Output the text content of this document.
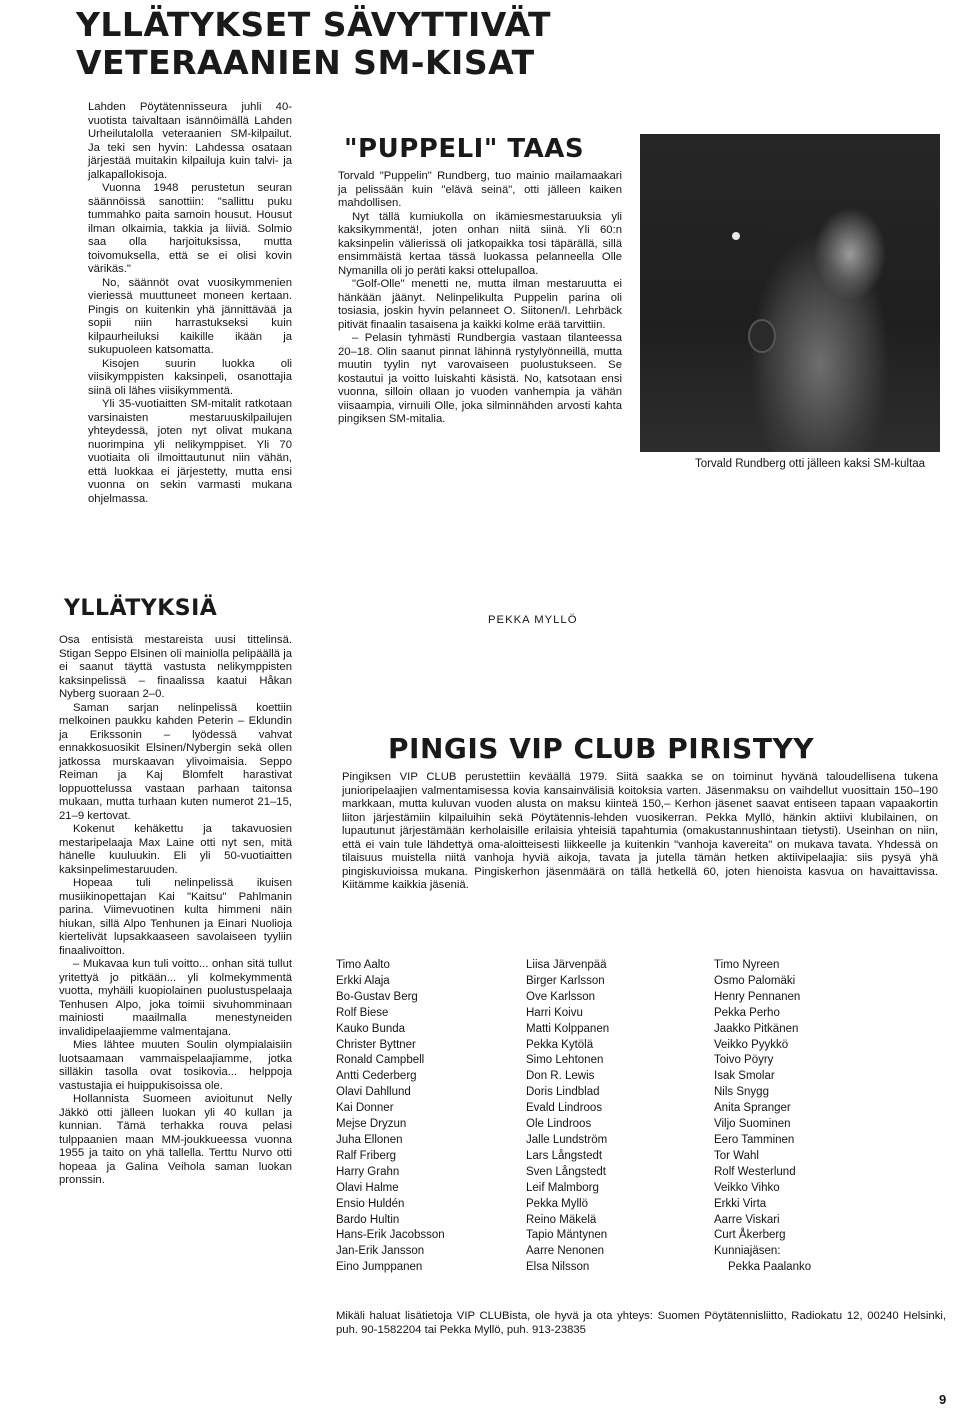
YLLÄTYKSET SÄVYTTIVÄT VETERAANIEN SM-KISAT

Lahden Pöytätennisseura juhli 40-vuotista taivaltaan isännöimällä Lahden Urheilutalolla veteraanien SM-kilpailut. Ja teki sen hyvin: Lahdessa osataan järjestää muitakin kilpailuja kuin talvi- ja jalkapallokisoja.

Vuonna 1948 perustetun seuran säännöissä sanottiin: "sallittu puku tummahko paita samoin housut. Housut ilman olkaimia, takkia ja liiviä. Solmio saa olla harjoituksissa, mutta toivomuksella, että se ei olisi kovin värikäs."

No, säännöt ovat vuosikymmenien vieriessä muuttuneet moneen kertaan. Pingis on kuitenkin yhä jännittävää ja sopii niin harrastukseksi kuin kilpaurheiluksi kaikille ikään ja sukupuoleen katsomatta.

Kisojen suurin luokka oli viisikymppisten kaksinpeli, osanottajia siinä oli lähes viisikymmentä.

Yli 35-vuotiaitten SM-mitalit ratkotaan varsinaisten mestaruuskilpailujen yhteydessä, joten nyt olivat mukana nuorimpina yli nelikymppiset. Yli 70 vuotiaita oli ilmoittautunut niin vähän, että luokkaa ei järjestetty, mutta ensi vuonna on sekin varmasti mukana ohjelmassa.

YLLÄTYKSIÄ

Osa entisistä mestareista uusi tittelinsä. Stigan Seppo Elsinen oli mainiolla pelipäällä ja ei saanut täyttä vastusta nelikymppisten kaksinpelissä – finaalissa kaatui Håkan Nyberg suoraan 2–0.

Saman sarjan nelinpelissä koettiin melkoinen paukku kahden Peterin – Eklundin ja Erikssonin – lyödessä vahvat ennakkosuosikit Elsinen/Nybergin sekä ollen jatkossa murskaavan ylivoimaisia. Seppo Reiman ja Kaj Blomfelt harastivat loppuottelussa vastaan parhaan taitonsa mukaan, mutta turhaan kuten numerot 21–15, 21–9 kertovat.

Kokenut kehäkettu ja takavuosien mestaripelaaja Max Laine otti nyt sen, mitä hänelle kuuluukin. Eli yli 50-vuotiaitten kaksinpelimestaruuden.

Hopeaa tuli nelinpelissä ikuisen musiikinopettajan Kai "Kaitsu" Pahlmanin parina. Viimevuotinen kulta himmeni näin hiukan, sillä Alpo Tenhunen ja Einari Nuolioja kiertelivät lupsakkaaseen savolaiseen tyyliin finaalivoitton.

– Mukavaa kun tuli voitto... onhan sitä tullut yritettyä jo pitkään... yli kolmekymmentä vuotta, myhäili kuopiolainen puolustuspelaaja Tenhusen Alpo, joka toimii sivuhomminaan mainiosti maailmalla menestyneiden invalidipelaajiemme valmentajana.

Mies lähtee muuten Soulin olympialaisiin luotsaamaan vammaispelaajiamme, jotka silläkin tasolla ovat tosikovia... helppoja vastustajia ei huippukisoissa ole.

Hollannista Suomeen avioitunut Nelly Jäkkö otti jälleen luokan yli 40 kullan ja kunnian. Tämä terhakka rouva pelasi tulppaanien maan MM-joukkueessa vuonna 1955 ja taito on yhä tallella. Terttu Nurvo otti hopeaa ja Galina Veihola saman luokan pronssin.

"PUPPELI" TAAS

Torvald "Puppelin" Rundberg, tuo mainio mailamaakari ja pelissään kuin "elävä seinä", otti jälleen kaiken mahdollisen.

Nyt tällä kumiukolla on ikämiesmestaruuksia yli kaksikymmentä!, joten onhan niitä siinä. Yli 60:n kaksinpelin välierissä oli jatkopaikka tosi täpärällä, sillä ensimmäistä kertaa tässä luokassa pelanneella Olle Nymanilla oli jo peräti kaksi ottelupalloa.

"Golf-Olle" menetti ne, mutta ilman mestaruutta ei hänkään jäänyt. Nelinpelikulta Puppelin parina oli tosiasia, joskin hyvin pelanneet O. Siitonen/I. Lehrbäck pitivät finaalin tasaisena ja kaikki kolme erää tarvittiin.

– Pelasin tyhmästi Rundbergia vastaan tilanteessa 20–18. Olin saanut pinnat lähinnä rystylyönneillä, mutta muutin tyylin nyt varovaiseen puolustukseen. Se kostautui ja voitto luiskahti käsistä. No, katsotaan ensi vuonna, silloin ollaan jo vuoden vanhempia ja vähän viisaampia, virnuili Olle, joka silminnähden arvosti kahta pingiksen SM-mitalia.

Torvald Rundberg otti jälleen kaksi SM-kultaa
PEKKA MYLLÖ
PINGIS VIP CLUB PIRISTYY

Pingiksen VIP CLUB perustettiin keväällä 1979. Siitä saakka se on toiminut hyvänä taloudellisena tukena junioripelaajien valmentamisessa kovia kansainvälisiä koitoksia varten. Jäsenmaksu on vaihdellut vuosittain 150–190 markkaan, mutta kuluvan vuoden alusta on maksu kiinteä 150,– Kerhon jäsenet saavat entiseen tapaan vapaakortin liiton järjestämiin kilpailuihin sekä Pöytätennis-lehden vuosikerran. Pekka Myllö, hänkin aktiivi klubilainen, on lupautunut järjestämään kerholaisille erilaisia yhteisiä tapahtumia (omakustannushintaan tietysti). Useinhan on niin, että ei vain tule lähdettyä oma-aloitteisesti liikkeelle ja kuitenkin "vanhoja kavereita" on mukava tavata. Yhdessä on tilaisuus muistella niitä vanhoja hyviä aikoja, tavata ja jutella tämän hetken aktiivipelaajia: siis pysyä yhä pingiskuvioissa mukana. Pingiskerhon jäsenmäärä on tällä hetkellä 60, joten hienoista kasvua on havaittavissa. Kiitämme kaikkia jäseniä.

Timo Aalto
Erkki Alaja
Bo-Gustav Berg
Rolf Biese
Kauko Bunda
Christer Byttner
Ronald Campbell
Antti Cederberg
Olavi Dahllund
Kai Donner
Mejse Dryzun
Juha Ellonen
Ralf Friberg
Harry Grahn
Olavi Halme
Ensio Huldén
Bardo Hultin
Hans-Erik Jacobsson
Jan-Erik Jansson
Eino Jumppanen
Liisa Järvenpää
Birger Karlsson
Ove Karlsson
Harri Koivu
Matti Kolppanen
Pekka Kytölä
Simo Lehtonen
Don R. Lewis
Doris Lindblad
Evald Lindroos
Ole Lindroos
Jalle Lundström
Lars Långstedt
Sven Långstedt
Leif Malmborg
Pekka Myllö
Reino Mäkelä
Tapio Mäntynen
Aarre Nenonen
Elsa Nilsson
Timo Nyreen
Osmo Palomäki
Henry Pennanen
Pekka Perho
Jaakko Pitkänen
Veikko Pyykkö
Toivo Pöyry
Isak Smolar
Nils Snygg
Anita Spranger
Viljo Suominen
Eero Tamminen
Tor Wahl
Rolf Westerlund
Veikko Vihko
Erkki Virta
Aarre Viskari
Curt Åkerberg
Kunniajäsen:
Pekka Paalanko
Mikäli haluat lisätietoja VIP CLUBista, ole hyvä ja ota yhteys: Suomen Pöytätennisliitto, Radiokatu 12, 00240 Helsinki, puh. 90-1582204 tai Pekka Myllö, puh. 913-23835
9
